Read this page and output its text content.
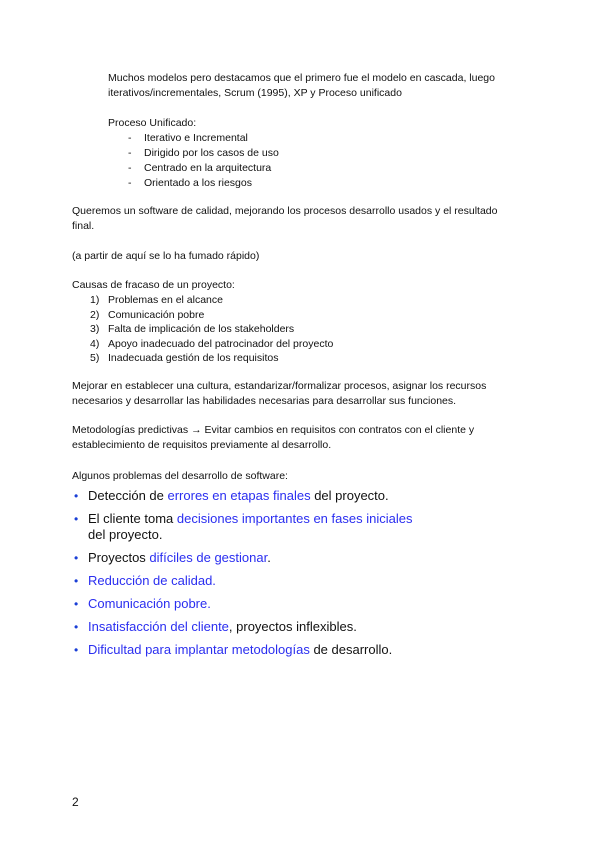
Muchos modelos pero destacamos que el primero fue el modelo en cascada, luego

iterativos/incrementales, Scrum (1995), XP y Proceso unificado

Proceso Unificado:

- Iterativo e Incremental
- Dirigido por los casos de uso
- Centrado en la arquitectura
- Orientado a los riesgos

Queremos un software de calidad, mejorando los procesos desarrollo usados y el resultado

final.

(a partir de aquí se lo ha fumado rápido)

Causas de fracaso de un proyecto:

1) Problemas en el alcance
2) Comunicación pobre
3) Falta de implicación de los stakeholders
4) Apoyo inadecuado del patrocinador del proyecto
5) Inadecuada gestión de los requisitos

Mejorar en establecer una cultura, estandarizar/formalizar procesos, asignar los recursos

necesarios y desarrollar las habilidades necesarias para desarrollar sus funciones.

Metodologías predictivas → Evitar cambios en requisitos con contratos con el cliente y

establecimiento de requisitos previamente al desarrollo.

Algunos problemas del desarrollo de software:

• Detección de errores en etapas finales del proyecto.
• El cliente toma decisiones importantes en fases iniciales
del proyecto.
• Proyectos difíciles de gestionar.
• Reducción de calidad.
• Comunicación pobre.
• Insatisfacción del cliente, proyectos inflexibles.
• Dificultad para implantar metodologías de desarrollo.
2
